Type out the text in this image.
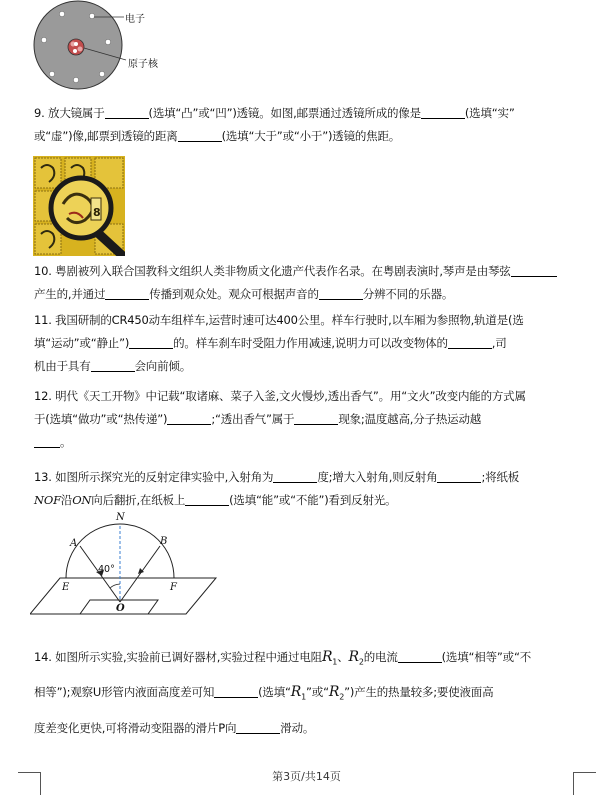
电子
原子核

9. 放大镜属于	(选填“凸”或“凹”)透镜。如图,邮票通过透镜所成的像是	(选填“实”

或“虚”)像,邮票到透镜的距离	(选填“大于”或“小于”)透镜的焦距。

8

10. 粤剧被列入联合国教科文组织人类非物质文化遗产代表作名录。在粤剧表演时,琴声是由琴弦

产生的,并通过	传播到观众处。观众可根据声音的	分辨不同的乐器。

11. 我国研制的CR450动车组样车,运营时速可达400公里。样车行驶时,以车厢为参照物,轨道是(选

填“运动”或“静止”)	的。样车刹车时受阻力作用减速,说明力可以改变物体的	,司

机由于具有	会向前倾。

12. 明代《天工开物》中记载“取诸麻、菜子入釜,文火慢炒,透出香气”。用“文火”改变内能的方式属

于(选填“做功”或“热传递”)	;“透出香气”属于	现象;温度越高,分子热运动越

。

13. 如图所示探究光的反射定律实验中,入射角为	度;增大入射角,则反射角	;将纸板

NOF沿ON向后翻折,在纸板上	(选填“能”或“不能”)看到反射光。

N
A	B
40°
E	F
O

14. 如图所示实验,实验前已调好器材,实验过程中通过电阻$R_1$、$R_2$的电流	(选填“相等”或“不

相等”);观察U形管内液面高度差可知	(选填“$R_1$”或“$R_2$”)产生的热量较多;要使液面高

度差变化更快,可将滑动变阻器的滑片P向	滑动。

第3页/共14页
